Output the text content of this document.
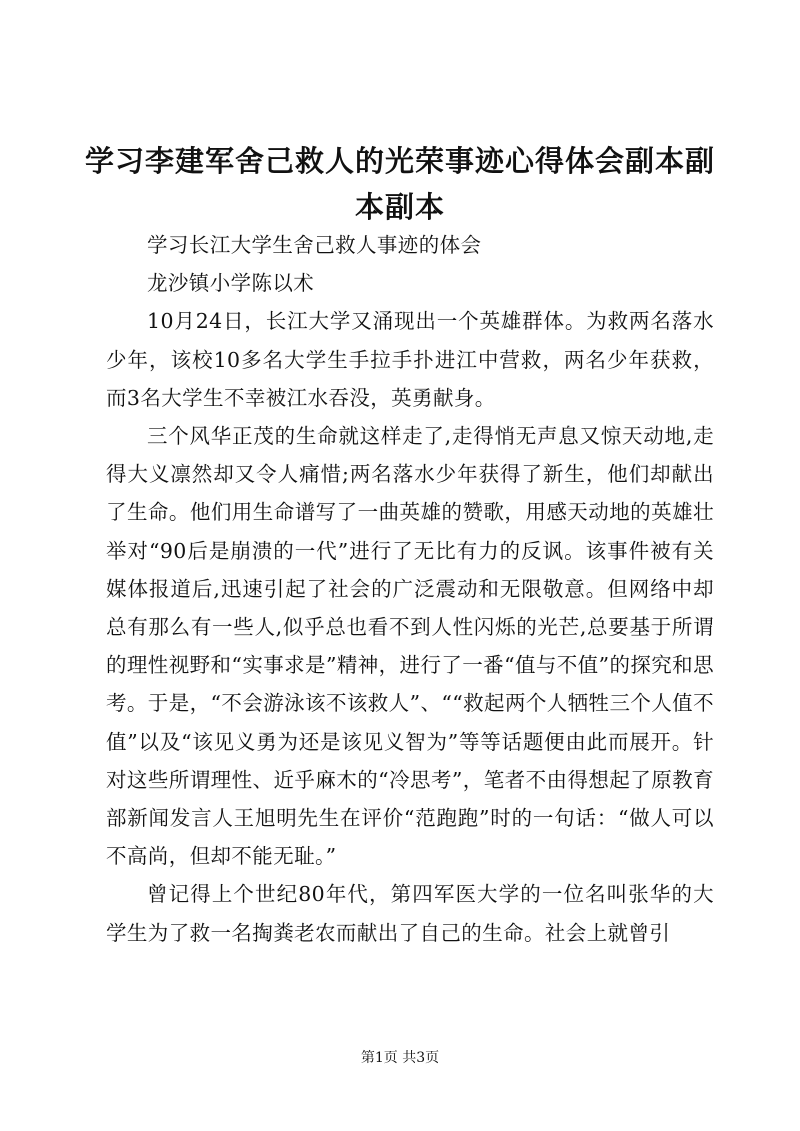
学习李建军舍己救人的光荣事迹心得体会副本副本副本

学习长江大学生舍己救人事迹的体会

龙沙镇小学陈以术

10月24日，长江大学又涌现出一个英雄群体。为救两名落水少年，该校10多名大学生手拉手扑进江中营救，两名少年获救，而3名大学生不幸被江水吞没，英勇献身。

三个风华正茂的生命就这样走了,走得悄无声息又惊天动地,走得大义凛然却又令人痛惜;两名落水少年获得了新生，他们却献出了生命。他们用生命谱写了一曲英雄的赞歌，用感天动地的英雄壮举对“90后是崩溃的一代”进行了无比有力的反讽。该事件被有关媒体报道后,迅速引起了社会的广泛震动和无限敬意。但网络中却总有那么有一些人,似乎总也看不到人性闪烁的光芒,总要基于所谓的理性视野和“实事求是”精神，进行了一番“值与不值”的探究和思考。于是，“不会游泳该不该救人”、““救起两个人牺牲三个人值不值”以及“该见义勇为还是该见义智为”等等话题便由此而展开。针对这些所谓理性、近乎麻木的“冷思考”，笔者不由得想起了原教育部新闻发言人王旭明先生在评价“范跑跑”时的一句话：“做人可以不高尚，但却不能无耻。”

曾记得上个世纪80年代，第四军医大学的一位名叫张华的大学生为了救一名掏粪老农而献出了自己的生命。社会上就曾引

第1页 共3页
